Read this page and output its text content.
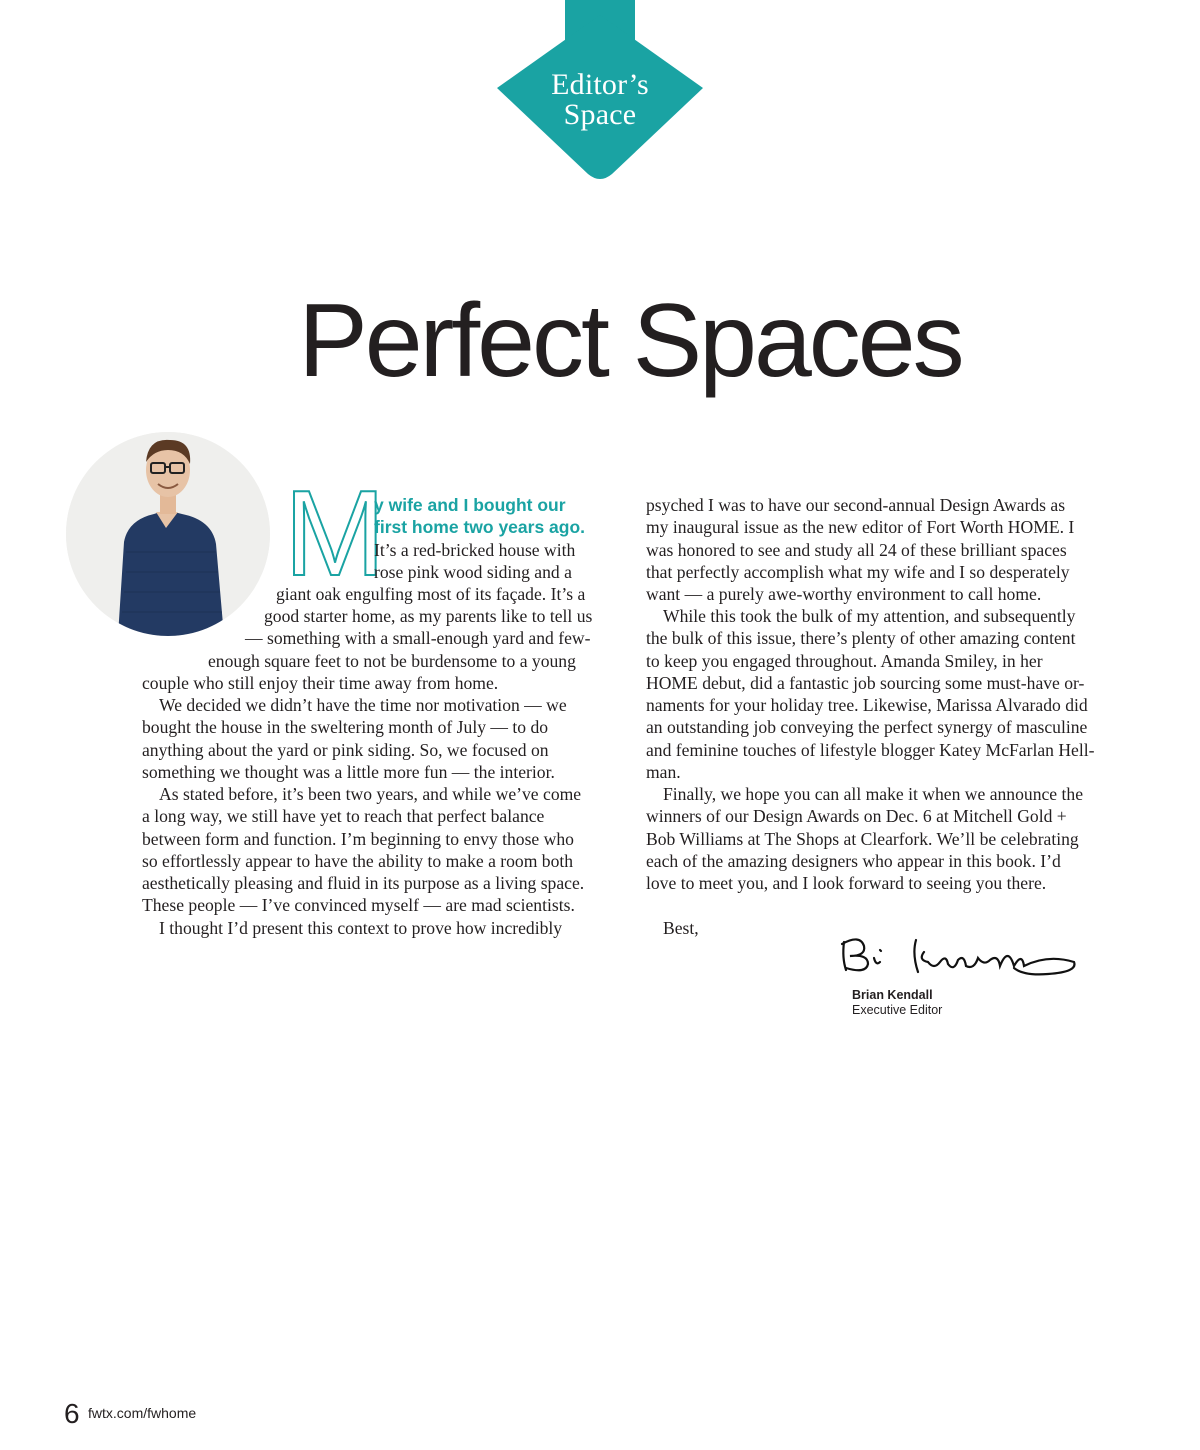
Editor’s
Space
Perfect Spaces
M
y wife and I bought our
first home two years ago.
It’s a red-bricked house with
rose pink wood siding and a
giant oak engulfing most of its façade. It’s a
good starter home, as my parents like to tell us
— something with a small-enough yard and few-
enough square feet to not be burdensome to a young
couple who still enjoy their time away from home.
We decided we didn’t have the time nor motivation — we
bought the house in the sweltering month of July — to do
anything about the yard or pink siding. So, we focused on
something we thought was a little more fun — the interior.
As stated before, it’s been two years, and while we’ve come
a long way, we still have yet to reach that perfect balance
between form and function. I’m beginning to envy those who
so effortlessly appear to have the ability to make a room both
aesthetically pleasing and fluid in its purpose as a living space.
These people — I’ve convinced myself — are mad scientists.
I thought I’d present this context to prove how incredibly
psyched I was to have our second-annual Design Awards as
my inaugural issue as the new editor of Fort Worth HOME. I
was honored to see and study all 24 of these brilliant spaces
that perfectly accomplish what my wife and I so desperately
want — a purely awe-worthy environment to call home.
While this took the bulk of my attention, and subsequently
the bulk of this issue, there’s plenty of other amazing content
to keep you engaged throughout. Amanda Smiley, in her
HOME debut, did a fantastic job sourcing some must-have or-
naments for your holiday tree. Likewise, Marissa Alvarado did
an outstanding job conveying the perfect synergy of masculine
and feminine touches of lifestyle blogger Katey McFarlan Hell-
man.
Finally, we hope you can all make it when we announce the
winners of our Design Awards on Dec. 6 at Mitchell Gold +
Bob Williams at The Shops at Clearfork. We’ll be celebrating
each of the amazing designers who appear in this book. I’d
love to meet you, and I look forward to seeing you there.
Best,
Brian Kendall
Executive Editor
6 fwtx.com/fwhome
